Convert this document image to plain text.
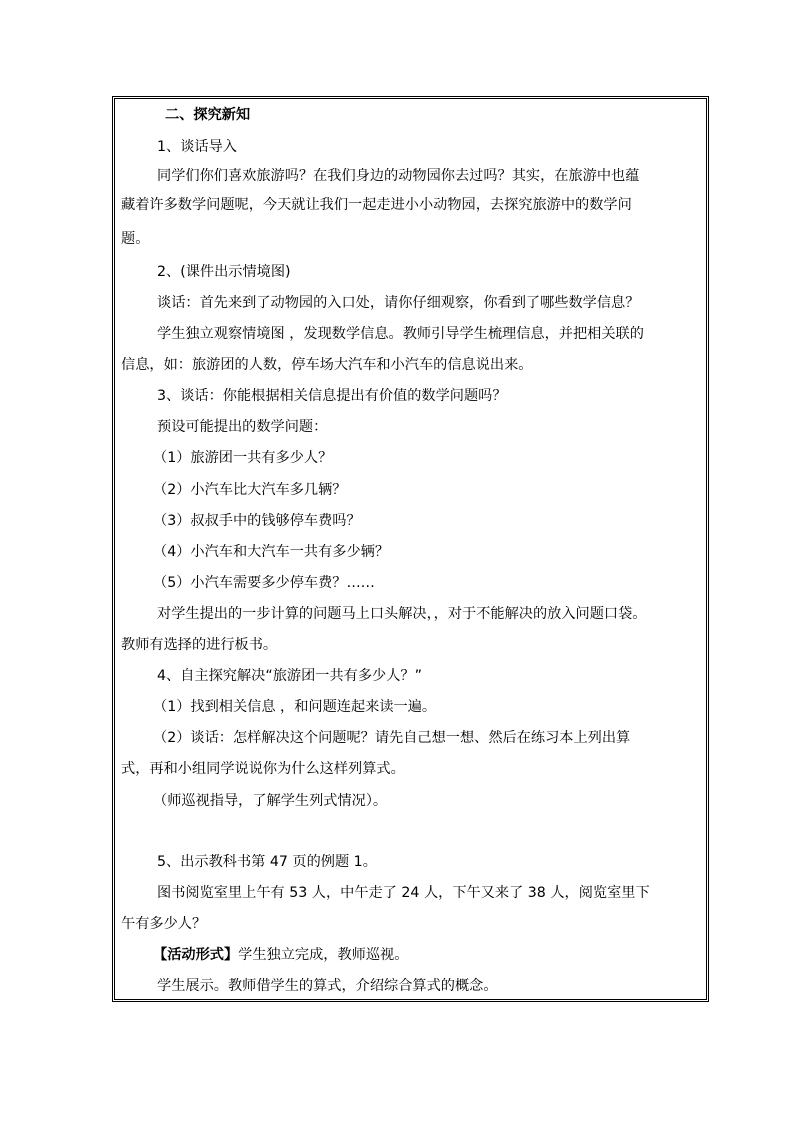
二、探究新知
1、谈话导入
同学们你们喜欢旅游吗？在我们身边的动物园你去过吗？其实，在旅游中也蕴
藏着许多数学问题呢，今天就让我们一起走进小小动物园，去探究旅游中的数学问
题。
2、(课件出示情境图)
谈话：首先来到了动物园的入口处，请你仔细观察，你看到了哪些数学信息？
学生独立观察情境图 ，发现数学信息。教师引导学生梳理信息，并把相关联的
信息，如：旅游团的人数，停车场大汽车和小汽车的信息说出来。
3、谈话：你能根据相关信息提出有价值的数学问题吗？
预设可能提出的数学问题：
（1）旅游团一共有多少人？
（2）小汽车比大汽车多几辆？
（3）叔叔手中的钱够停车费吗？
（4）小汽车和大汽车一共有多少辆？
（5）小汽车需要多少停车费？……
对学生提出的一步计算的问题马上口头解决，，对于不能解决的放入问题口袋。
教师有选择的进行板书。
4、自主探究解决“旅游团一共有多少人？”
（1）找到相关信息 ，和问题连起来读一遍。
（2）谈话：怎样解决这个问题呢？请先自己想一想、然后在练习本上列出算
式，再和小组同学说说你为什么这样列算式。
（师巡视指导，了解学生列式情况）。
5、出示教科书第 47 页的例题 1。
图书阅览室里上午有 53 人，中午走了 24 人，下午又来了 38 人，阅览室里下
午有多少人？
【活动形式】学生独立完成，教师巡视。
学生展示。教师借学生的算式，介绍综合算式的概念。
